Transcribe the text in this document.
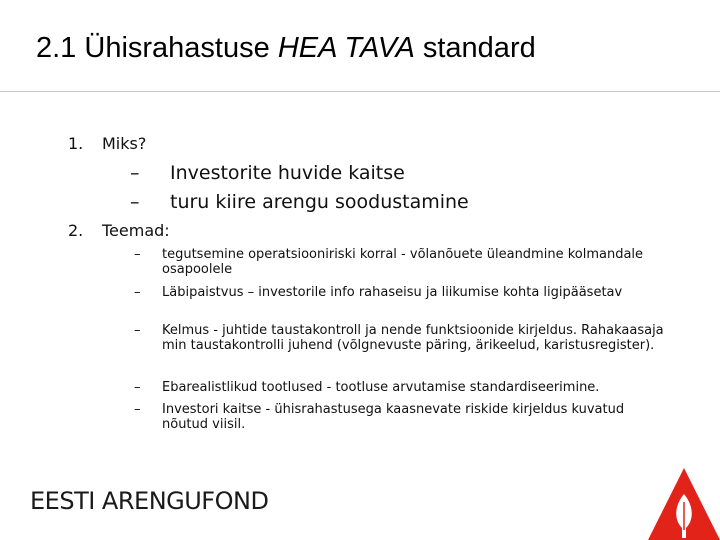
2.1 Ühisrahastuse HEA TAVA standard
1. Miks?
– Investorite huvide kaitse
– turu kiire arengu soodustamine
2. Teemad:
– tegutsemine operatsiooniriski korral - võlanõuete üleandmine kolmandale osapoolele
– Läbipaistvus – investorile info rahaseisu ja liikumise kohta ligipääsetav
– Kelmus - juhtide taustakontroll ja nende funktsioonide kirjeldus. Rahakaasaja min taustakontrolli juhend (võlgnevuste päring, ärikeelud, karistusregister).
– Ebarealistlikud tootlused - tootluse arvutamise standardiseerimine.
– Investori kaitse - ühisrahastusega kaasnevate riskide kirjeldus kuvatud nõutud viisil.
EESTI ARENGUFOND
